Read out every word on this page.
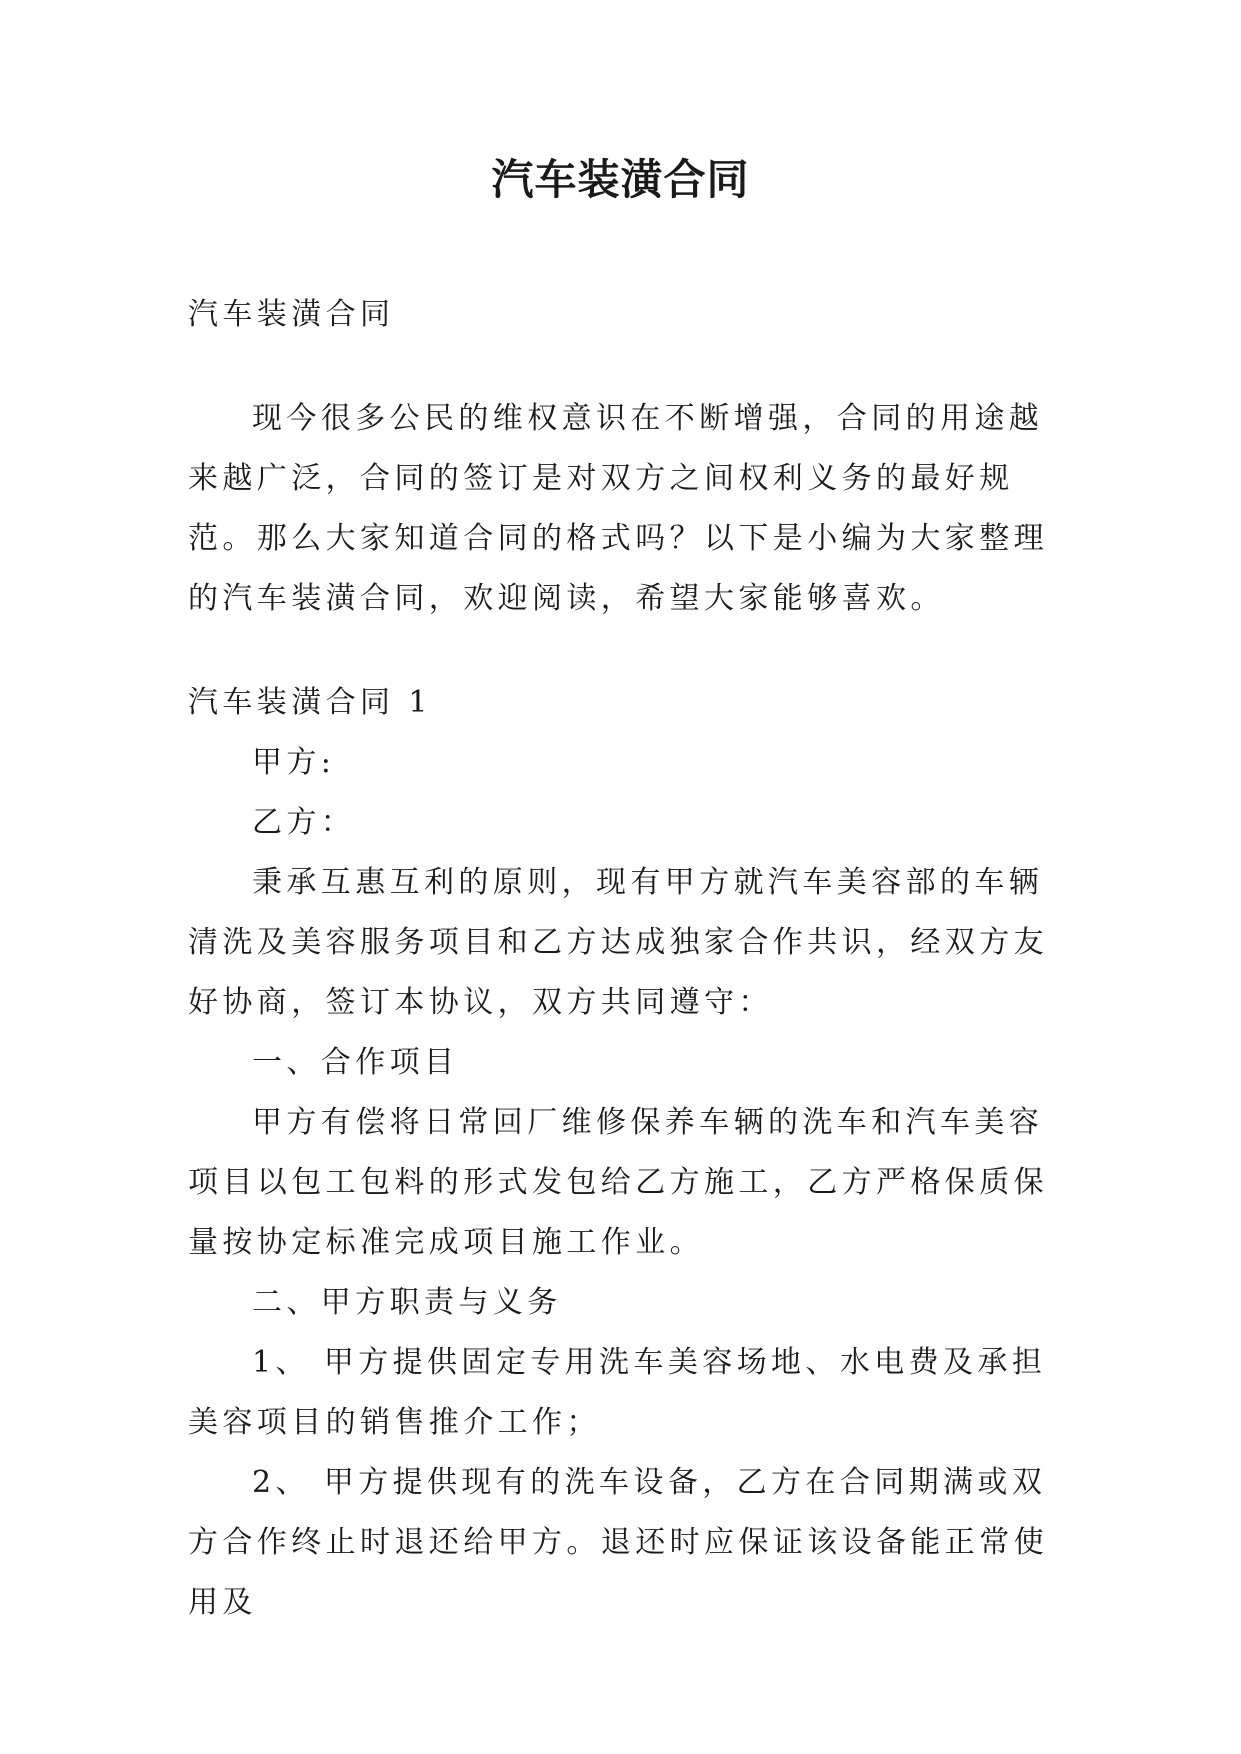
汽车装潢合同

汽车装潢合同

现今很多公民的维权意识在不断增强，合同的用途越来越广泛，合同的签订是对双方之间权利义务的最好规范。那么大家知道合同的格式吗？以下是小编为大家整理的汽车装潢合同，欢迎阅读，希望大家能够喜欢。

汽车装潢合同 1

甲方:

乙方：

秉承互惠互利的原则，现有甲方就汽车美容部的车辆清洗及美容服务项目和乙方达成独家合作共识，经双方友好协商，签订本协议，双方共同遵守：

一、合作项目

甲方有偿将日常回厂维修保养车辆的洗车和汽车美容项目以包工包料的形式发包给乙方施工，乙方严格保质保量按协定标准完成项目施工作业。

二、甲方职责与义务

1、 甲方提供固定专用洗车美容场地、水电费及承担美容项目的销售推介工作；

2、 甲方提供现有的洗车设备，乙方在合同期满或双方合作终止时退还给甲方。退还时应保证该设备能正常使用及
